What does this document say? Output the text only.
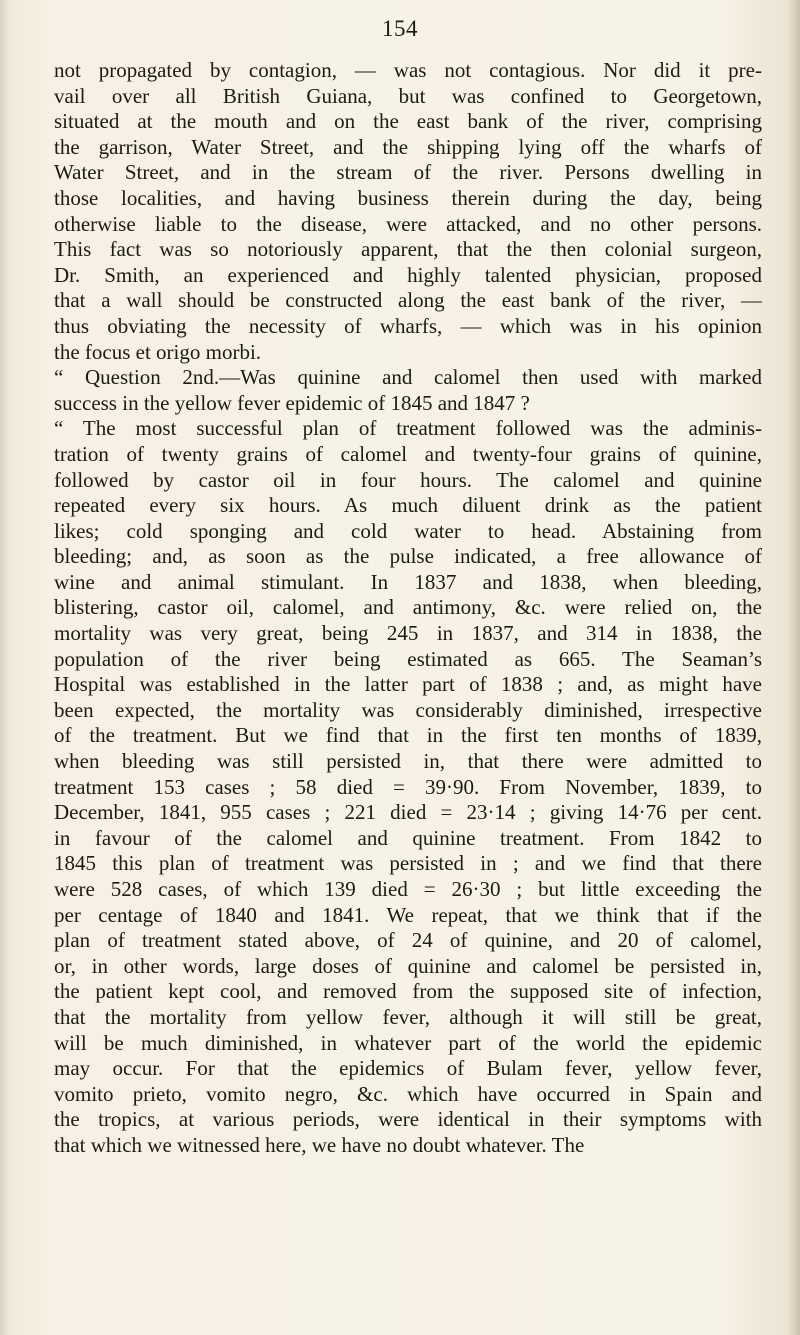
154
not propagated by contagion, — was not contagious. Nor did it pre-
vail over all British Guiana, but was confined to Georgetown,
situated at the mouth and on the east bank of the river, comprising
the garrison, Water Street, and the shipping lying off the wharfs of
Water Street, and in the stream of the river. Persons dwelling in
those localities, and having business therein during the day, being
otherwise liable to the disease, were attacked, and no other persons.
This fact was so notoriously apparent, that the then colonial surgeon,
Dr. Smith, an experienced and highly talented physician, proposed
that a wall should be constructed along the east bank of the river, —
thus obviating the necessity of wharfs, — which was in his opinion
the focus et origo morbi.
“ Question 2nd.—Was quinine and calomel then used with marked
success in the yellow fever epidemic of 1845 and 1847 ?
“ The most successful plan of treatment followed was the adminis-
tration of twenty grains of calomel and twenty-four grains of quinine,
followed by castor oil in four hours. The calomel and quinine
repeated every six hours. As much diluent drink as the patient
likes; cold sponging and cold water to head. Abstaining from
bleeding; and, as soon as the pulse indicated, a free allowance of
wine and animal stimulant. In 1837 and 1838, when bleeding,
blistering, castor oil, calomel, and antimony, &c. were relied on, the
mortality was very great, being 245 in 1837, and 314 in 1838, the
population of the river being estimated as 665. The Seaman’s
Hospital was established in the latter part of 1838 ; and, as might have
been expected, the mortality was considerably diminished, irrespective
of the treatment. But we find that in the first ten months of 1839,
when bleeding was still persisted in, that there were admitted to
treatment 153 cases ; 58 died = 39·90. From November, 1839, to
December, 1841, 955 cases ; 221 died = 23·14 ; giving 14·76 per cent.
in favour of the calomel and quinine treatment. From 1842 to
1845 this plan of treatment was persisted in ; and we find that there
were 528 cases, of which 139 died = 26·30 ; but little exceeding the
per centage of 1840 and 1841. We repeat, that we think that if the
plan of treatment stated above, of 24 of quinine, and 20 of calomel,
or, in other words, large doses of quinine and calomel be persisted in,
the patient kept cool, and removed from the supposed site of infection,
that the mortality from yellow fever, although it will still be great,
will be much diminished, in whatever part of the world the epidemic
may occur. For that the epidemics of Bulam fever, yellow fever,
vomito prieto, vomito negro, &c. which have occurred in Spain and
the tropics, at various periods, were identical in their symptoms with
that which we witnessed here, we have no doubt whatever. The
